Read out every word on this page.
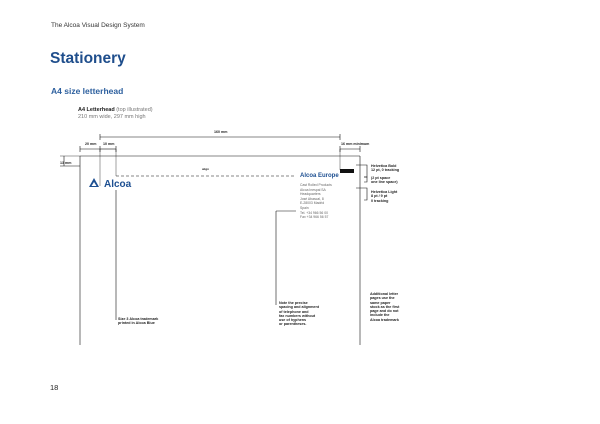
The Alcoa Visual Design System
Stationery
A4 size letterhead
A4 Letterhead (top illustrated)
210 mm wide, 297 mm high
160 mm
20 mm 10 mm	16 mm minimum
13 mm
align
Alcoa
Alcoa Europe
Cast Rolled Products
Alcoa Inespal SA
Headquarters
José Abascal, 8
E-28003 Madrid
Spain
Tel. +34 966 56 00
Fax +34 966 56 57
Helvetica Bold
12 pt, 0 tracking
(2 pt space
one line space)
Helvetica Light
8 pt / 9 pt
0 tracking
Size 3 Alcoa trademark
printed in Alcoa Blue
Note the precise
spacing and alignment
of telephone and
fax numbers without
use of hyphens
or parentheses.
Additional letter
pages use the
same paper
stock as the first
page and do not
include the
Alcoa trademark
18
